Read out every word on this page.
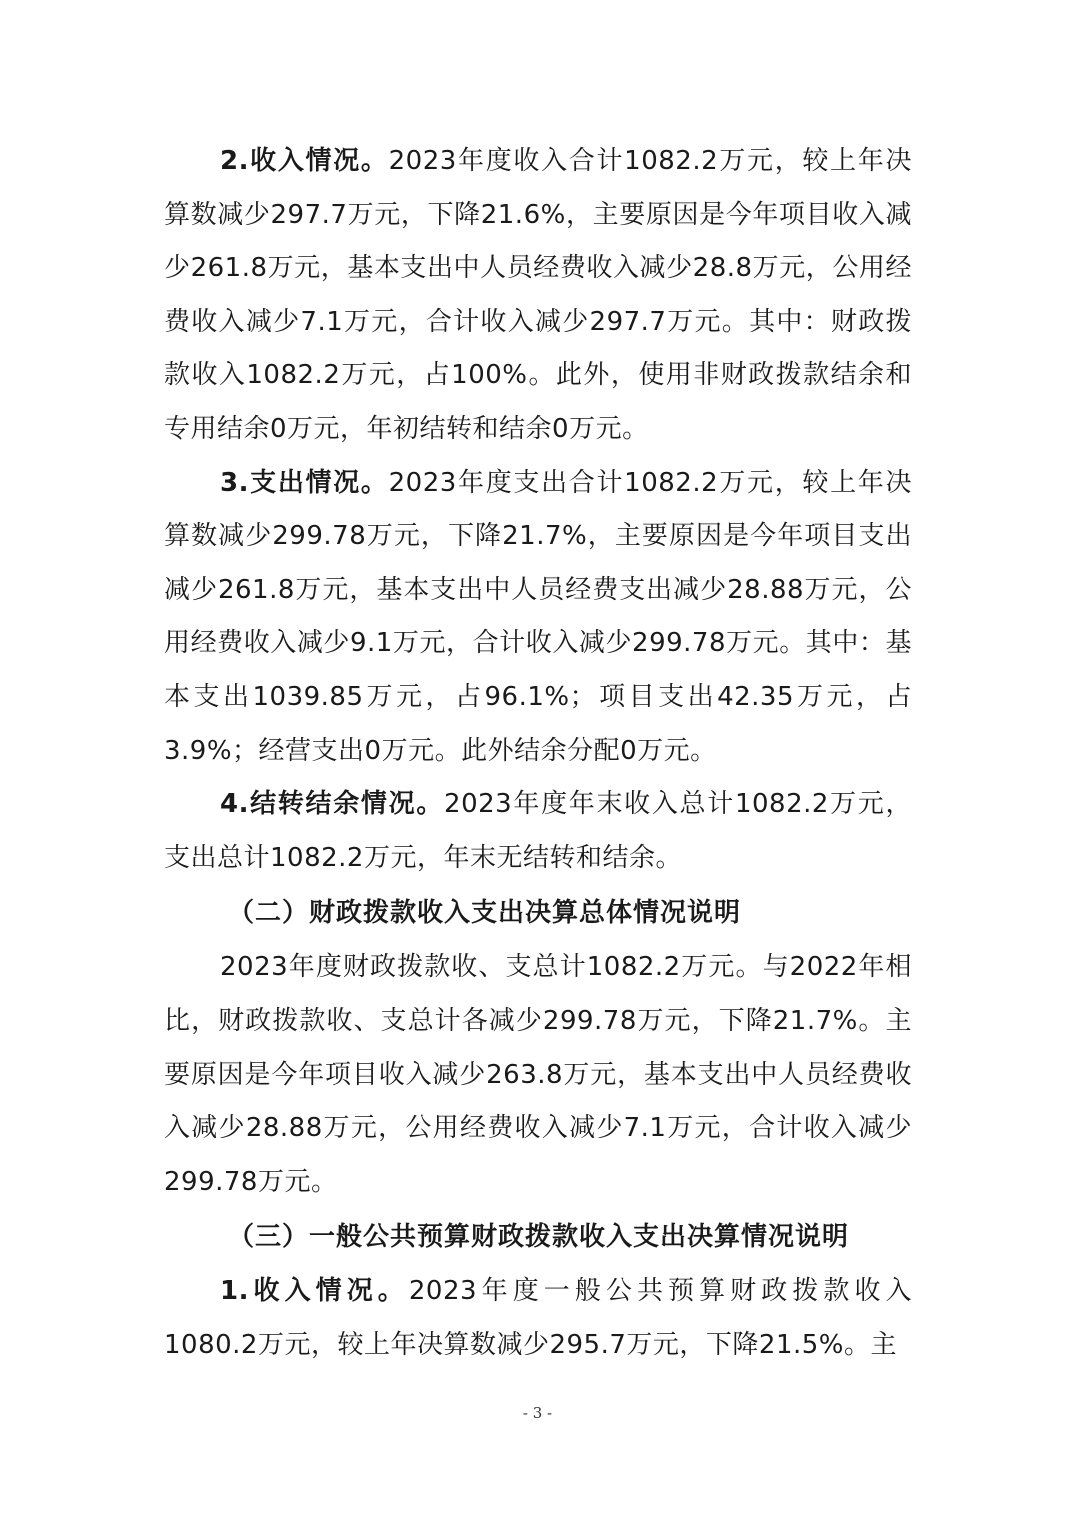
2.收入情况。2023年度收入合计1082.2万元，较上年决算数减少297.7万元，下降21.6%，主要原因是今年项目收入减少261.8万元，基本支出中人员经费收入减少28.8万元，公用经费收入减少7.1万元，合计收入减少297.7万元。其中：财政拨款收入1082.2万元，占100%。此外，使用非财政拨款结余和专用结余0万元，年初结转和结余0万元。

3.支出情况。2023年度支出合计1082.2万元，较上年决算数减少299.78万元，下降21.7%，主要原因是今年项目支出减少261.8万元，基本支出中人员经费支出减少28.88万元，公用经费收入减少9.1万元，合计收入减少299.78万元。其中：基本支出1039.85万元，占96.1%；项目支出42.35万元，占3.9%；经营支出0万元。此外结余分配0万元。

4.结转结余情况。2023年度年末收入总计1082.2万元，支出总计1082.2万元，年末无结转和结余。

（二）财政拨款收入支出决算总体情况说明

2023年度财政拨款收、支总计1082.2万元。与2022年相比，财政拨款收、支总计各减少299.78万元，下降21.7%。主要原因是今年项目收入减少263.8万元，基本支出中人员经费收入减少28.88万元，公用经费收入减少7.1万元，合计收入减少299.78万元。

（三）一般公共预算财政拨款收入支出决算情况说明

1.收入情况。2023年度一般公共预算财政拨款收入1080.2万元，较上年决算数减少295.7万元，下降21.5%。主

- 3 -
